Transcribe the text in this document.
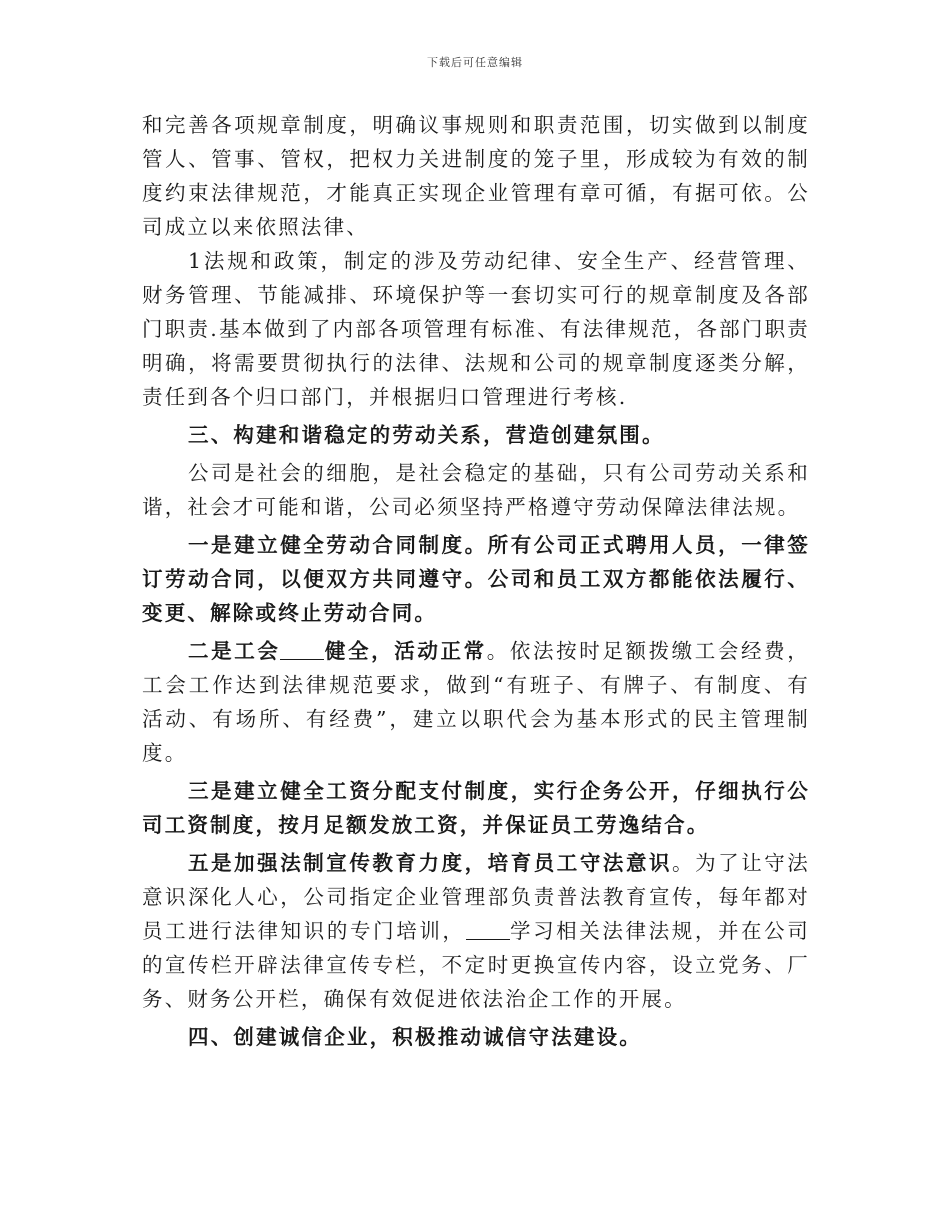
下载后可任意编辑

和完善各项规章制度，明确议事规则和职责范围，切实做到以制度管人、管事、管权，把权力关进制度的笼子里，形成较为有效的制度约束法律规范，才能真正实现企业管理有章可循，有据可依。公司成立以来依照法律、

1法规和政策，制定的涉及劳动纪律、安全生产、经营管理、财务管理、节能减排、环境保护等一套切实可行的规章制度及各部门职责.基本做到了内部各项管理有标准、有法律规范，各部门职责明确，将需要贯彻执行的法律、法规和公司的规章制度逐类分解，责任到各个归口部门，并根据归口管理进行考核.

三、构建和谐稳定的劳动关系，营造创建氛围。

公司是社会的细胞，是社会稳定的基础，只有公司劳动关系和谐，社会才可能和谐，公司必须坚持严格遵守劳动保障法律法规。

一是建立健全劳动合同制度。所有公司正式聘用人员，一律签订劳动合同，以便双方共同遵守。公司和员工双方都能依法履行、变更、解除或终止劳动合同。

二是工会 健全，活动正常。依法按时足额拨缴工会经费，工会工作达到法律规范要求，做到“有班子、有牌子、有制度、有活动、有场所、有经费”，建立以职代会为基本形式的民主管理制度。

三是建立健全工资分配支付制度，实行企务公开，仔细执行公司工资制度，按月足额发放工资，并保证员工劳逸结合。

五是加强法制宣传教育力度，培育员工守法意识。为了让守法意识深化人心，公司指定企业管理部负责普法教育宣传，每年都对员工进行法律知识的专门培训， 学习相关法律法规，并在公司的宣传栏开辟法律宣传专栏，不定时更换宣传内容，设立党务、厂务、财务公开栏，确保有效促进依法治企工作的开展。

四、创建诚信企业，积极推动诚信守法建设。
